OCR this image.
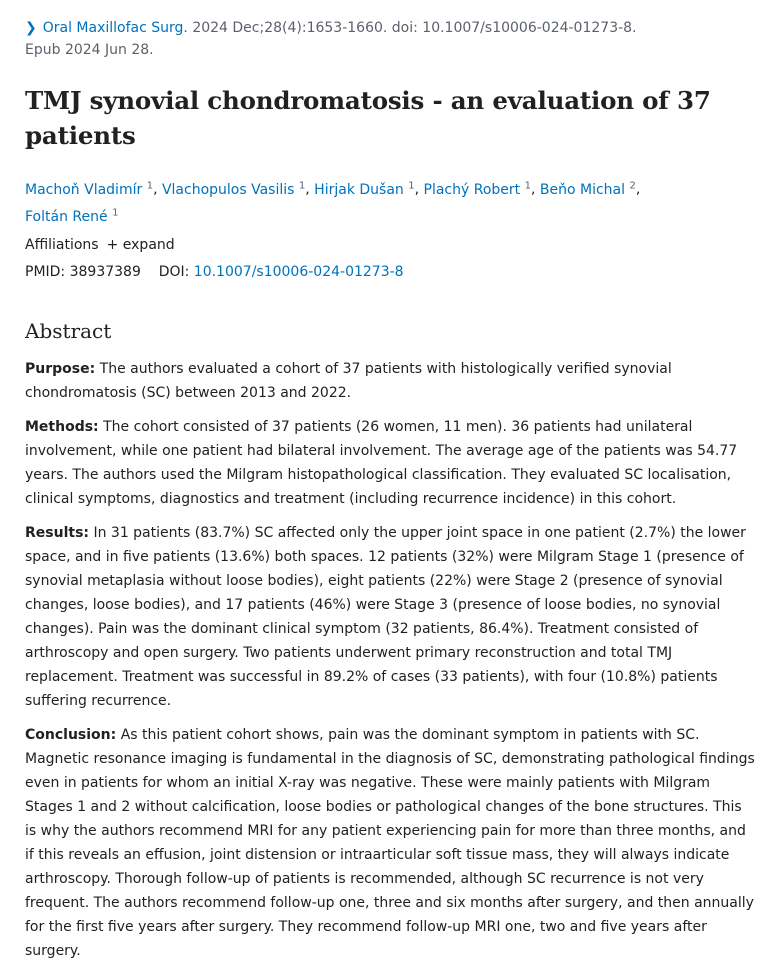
❯ Oral Maxillofac Surg. 2024 Dec;28(4):1653-1660. doi: 10.1007/s10006-024-01273-8.
Epub 2024 Jun 28.
TMJ synovial chondromatosis - an evaluation of 37 patients
Machoň Vladimír $^1$, Vlachopulos Vasilis $^1$, Hirjak Dušan $^1$, Plachý Robert $^1$, Beňo Michal $^2$,
Foltán René $^1$
Affiliations + expand
PMID: 38937389 DOI: 10.1007/s10006-024-01273-8
Abstract

Purpose: The authors evaluated a cohort of 37 patients with histologically verified synovial chondromatosis (SC) between 2013 and 2022.

Methods: The cohort consisted of 37 patients (26 women, 11 men). 36 patients had unilateral involvement, while one patient had bilateral involvement. The average age of the patients was 54.77 years. The authors used the Milgram histopathological classification. They evaluated SC localisation, clinical symptoms, diagnostics and treatment (including recurrence incidence) in this cohort.

Results: In 31 patients (83.7%) SC affected only the upper joint space in one patient (2.7%) the lower space, and in five patients (13.6%) both spaces. 12 patients (32%) were Milgram Stage 1 (presence of synovial metaplasia without loose bodies), eight patients (22%) were Stage 2 (presence of synovial changes, loose bodies), and 17 patients (46%) were Stage 3 (presence of loose bodies, no synovial changes). Pain was the dominant clinical symptom (32 patients, 86.4%). Treatment consisted of arthroscopy and open surgery. Two patients underwent primary reconstruction and total TMJ replacement. Treatment was successful in 89.2% of cases (33 patients), with four (10.8%) patients suffering recurrence.

Conclusion: As this patient cohort shows, pain was the dominant symptom in patients with SC. Magnetic resonance imaging is fundamental in the diagnosis of SC, demonstrating pathological findings even in patients for whom an initial X-ray was negative. These were mainly patients with Milgram Stages 1 and 2 without calcification, loose bodies or pathological changes of the bone structures. This is why the authors recommend MRI for any patient experiencing pain for more than three months, and if this reveals an effusion, joint distension or intraarticular soft tissue mass, they will always indicate arthroscopy. Thorough follow-up of patients is recommended, although SC recurrence is not very frequent. The authors recommend follow-up one, three and six months after surgery, and then annually for the first five years after surgery. They recommend follow-up MRI one, two and five years after surgery.
